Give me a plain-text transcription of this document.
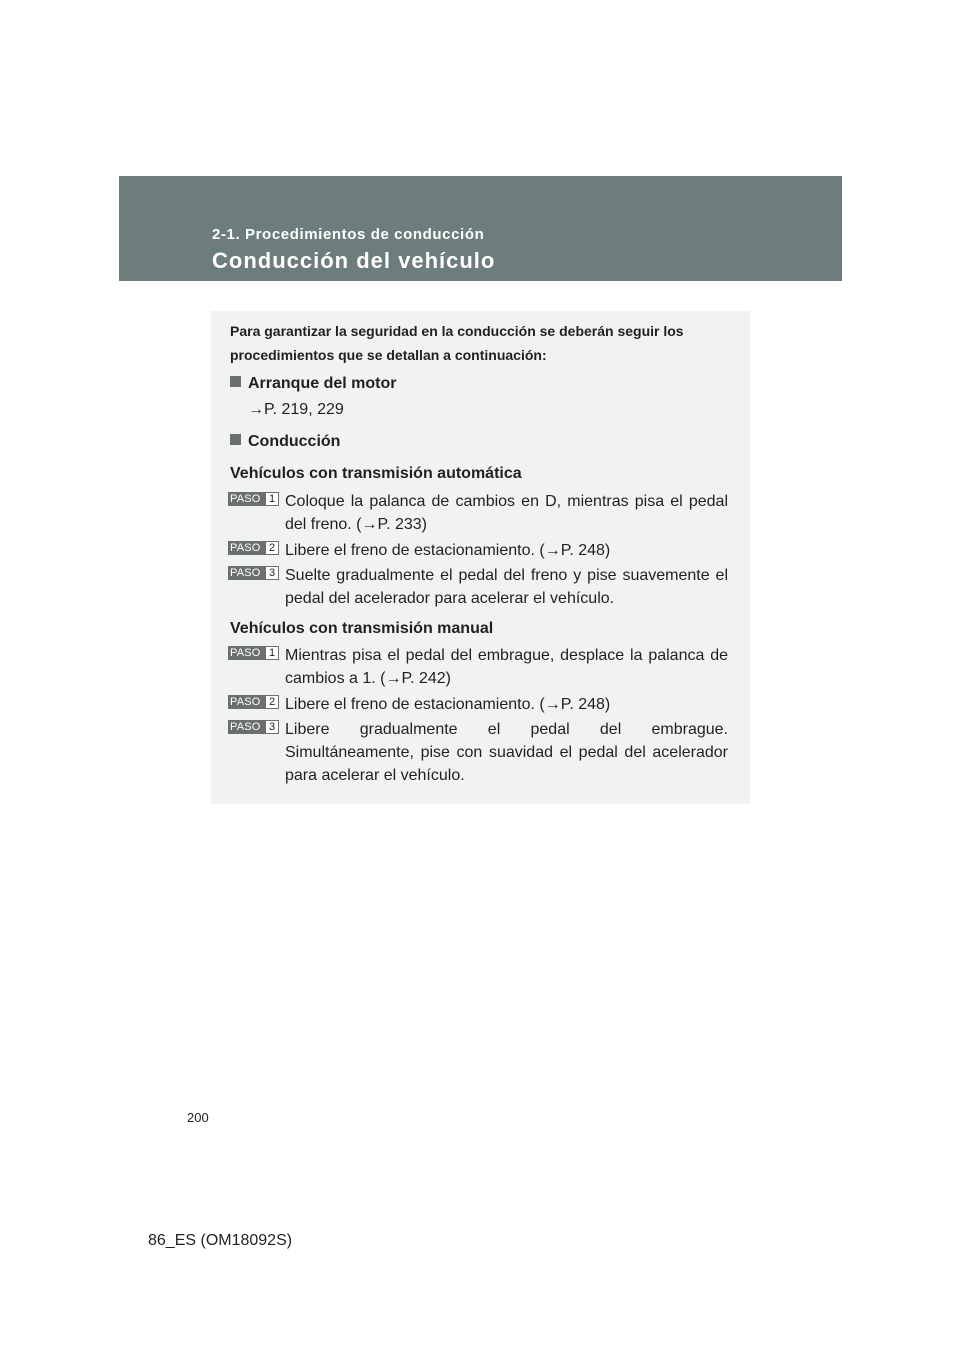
2-1. Procedimientos de conducción
Conducción del vehículo
Para garantizar la seguridad en la conducción se deberán seguir los procedimientos que se detallan a continuación:
Arranque del motor
→P. 219, 229
Conducción
Vehículos con transmisión automática
PASO 1 Coloque la palanca de cambios en D, mientras pisa el pedal del freno. (→P. 233)
PASO 2 Libere el freno de estacionamiento. (→P. 248)
PASO 3 Suelte gradualmente el pedal del freno y pise suavemente el pedal del acelerador para acelerar el vehículo.
Vehículos con transmisión manual
PASO 1 Mientras pisa el pedal del embrague, desplace la palanca de cambios a 1. (→P. 242)
PASO 2 Libere el freno de estacionamiento. (→P. 248)
PASO 3 Libere gradualmente el pedal del embrague. Simultáneamente, pise con suavidad el pedal del acelerador para acelerar el vehículo.
200
86_ES (OM18092S)
